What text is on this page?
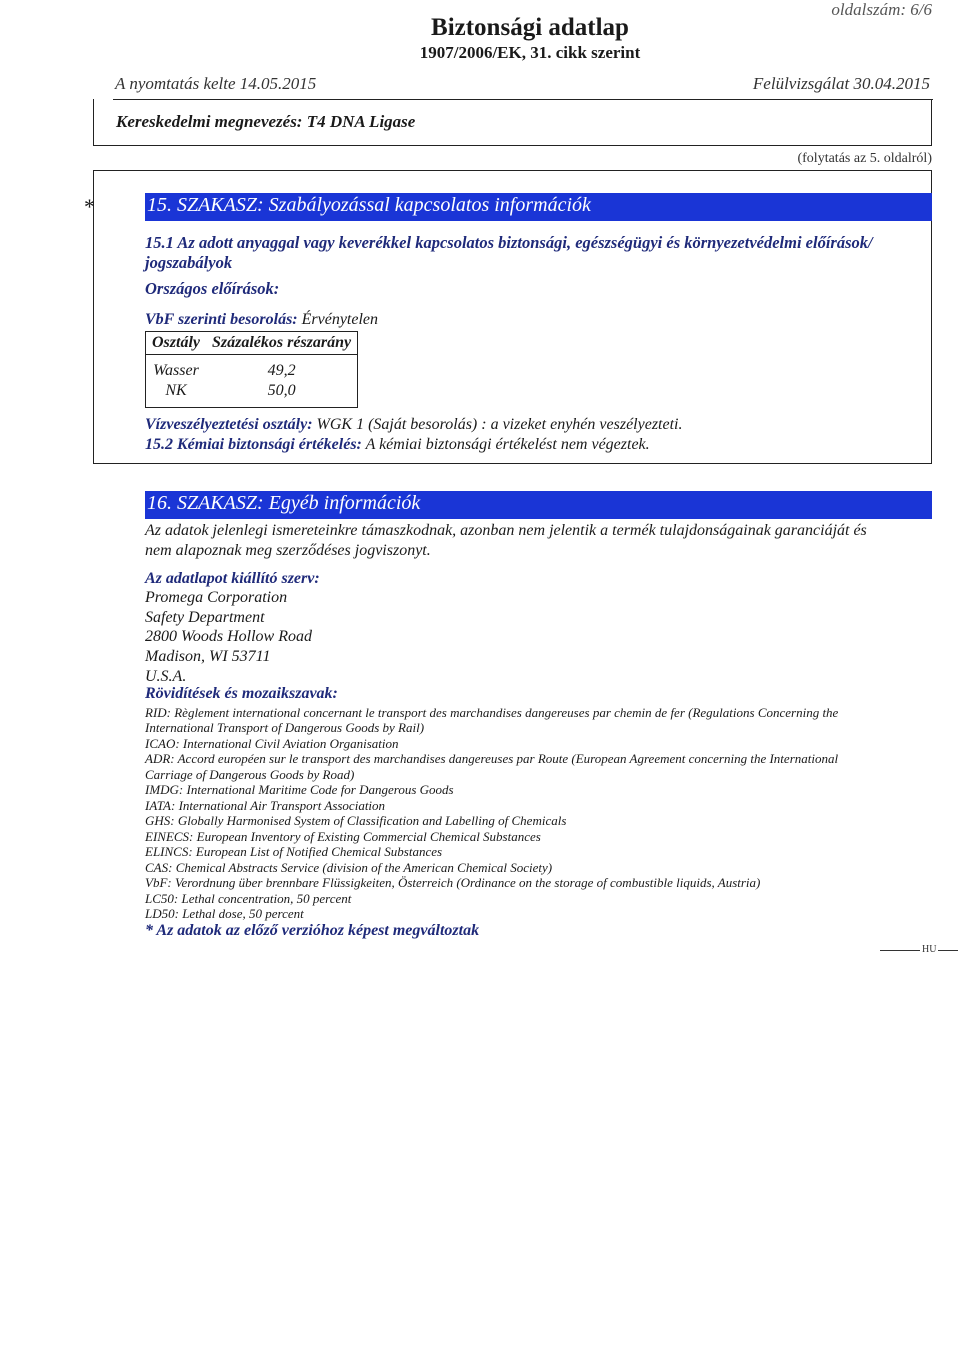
oldalszám: 6/6
Biztonsági adatlap
1907/2006/EK, 31. cikk szerint
A nyomtatás kelte 14.05.2015	Felülvizsgálat 30.04.2015
Kereskedelmi megnevezés: T4 DNA Ligase
(folytatás az 5. oldalról)
*	15. SZAKASZ: Szabályozással kapcsolatos információk
15.1 Az adott anyaggal vagy keverékkel kapcsolatos biztonsági, egészségügyi és környezetvédelmi előírások/
jogszabályok
Országos előírások:
VbF szerinti besorolás: Érvénytelen
Osztály	Százalékos részarány
Wasser	49,2
NK	50,0
Vízveszélyeztetési osztály: WGK 1 (Saját besorolás) : a vizeket enyhén veszélyezteti.
15.2 Kémiai biztonsági értékelés: A kémiai biztonsági értékelést nem végeztek.
16. SZAKASZ: Egyéb információk
Az adatok jelenlegi ismereteinkre támaszkodnak, azonban nem jelentik a termék tulajdonságainak garanciáját és
nem alapoznak meg szerződéses jogviszonyt.
Az adatlapot kiállító szerv:
Promega Corporation
Safety Department
2800 Woods Hollow Road
Madison, WI 53711
U.S.A.
Rövidítések és mozaikszavak:
RID: Règlement international concernant le transport des marchandises dangereuses par chemin de fer (Regulations Concerning the
International Transport of Dangerous Goods by Rail)
ICAO: International Civil Aviation Organisation
ADR: Accord européen sur le transport des marchandises dangereuses par Route (European Agreement concerning the International
Carriage of Dangerous Goods by Road)
IMDG: International Maritime Code for Dangerous Goods
IATA: International Air Transport Association
GHS: Globally Harmonised System of Classification and Labelling of Chemicals
EINECS: European Inventory of Existing Commercial Chemical Substances
ELINCS: European List of Notified Chemical Substances
CAS: Chemical Abstracts Service (division of the American Chemical Society)
VbF: Verordnung über brennbare Flüssigkeiten, Österreich (Ordinance on the storage of combustible liquids, Austria)
LC50: Lethal concentration, 50 percent
LD50: Lethal dose, 50 percent
* Az adatok az előző verzióhoz képest megváltoztak
HU
